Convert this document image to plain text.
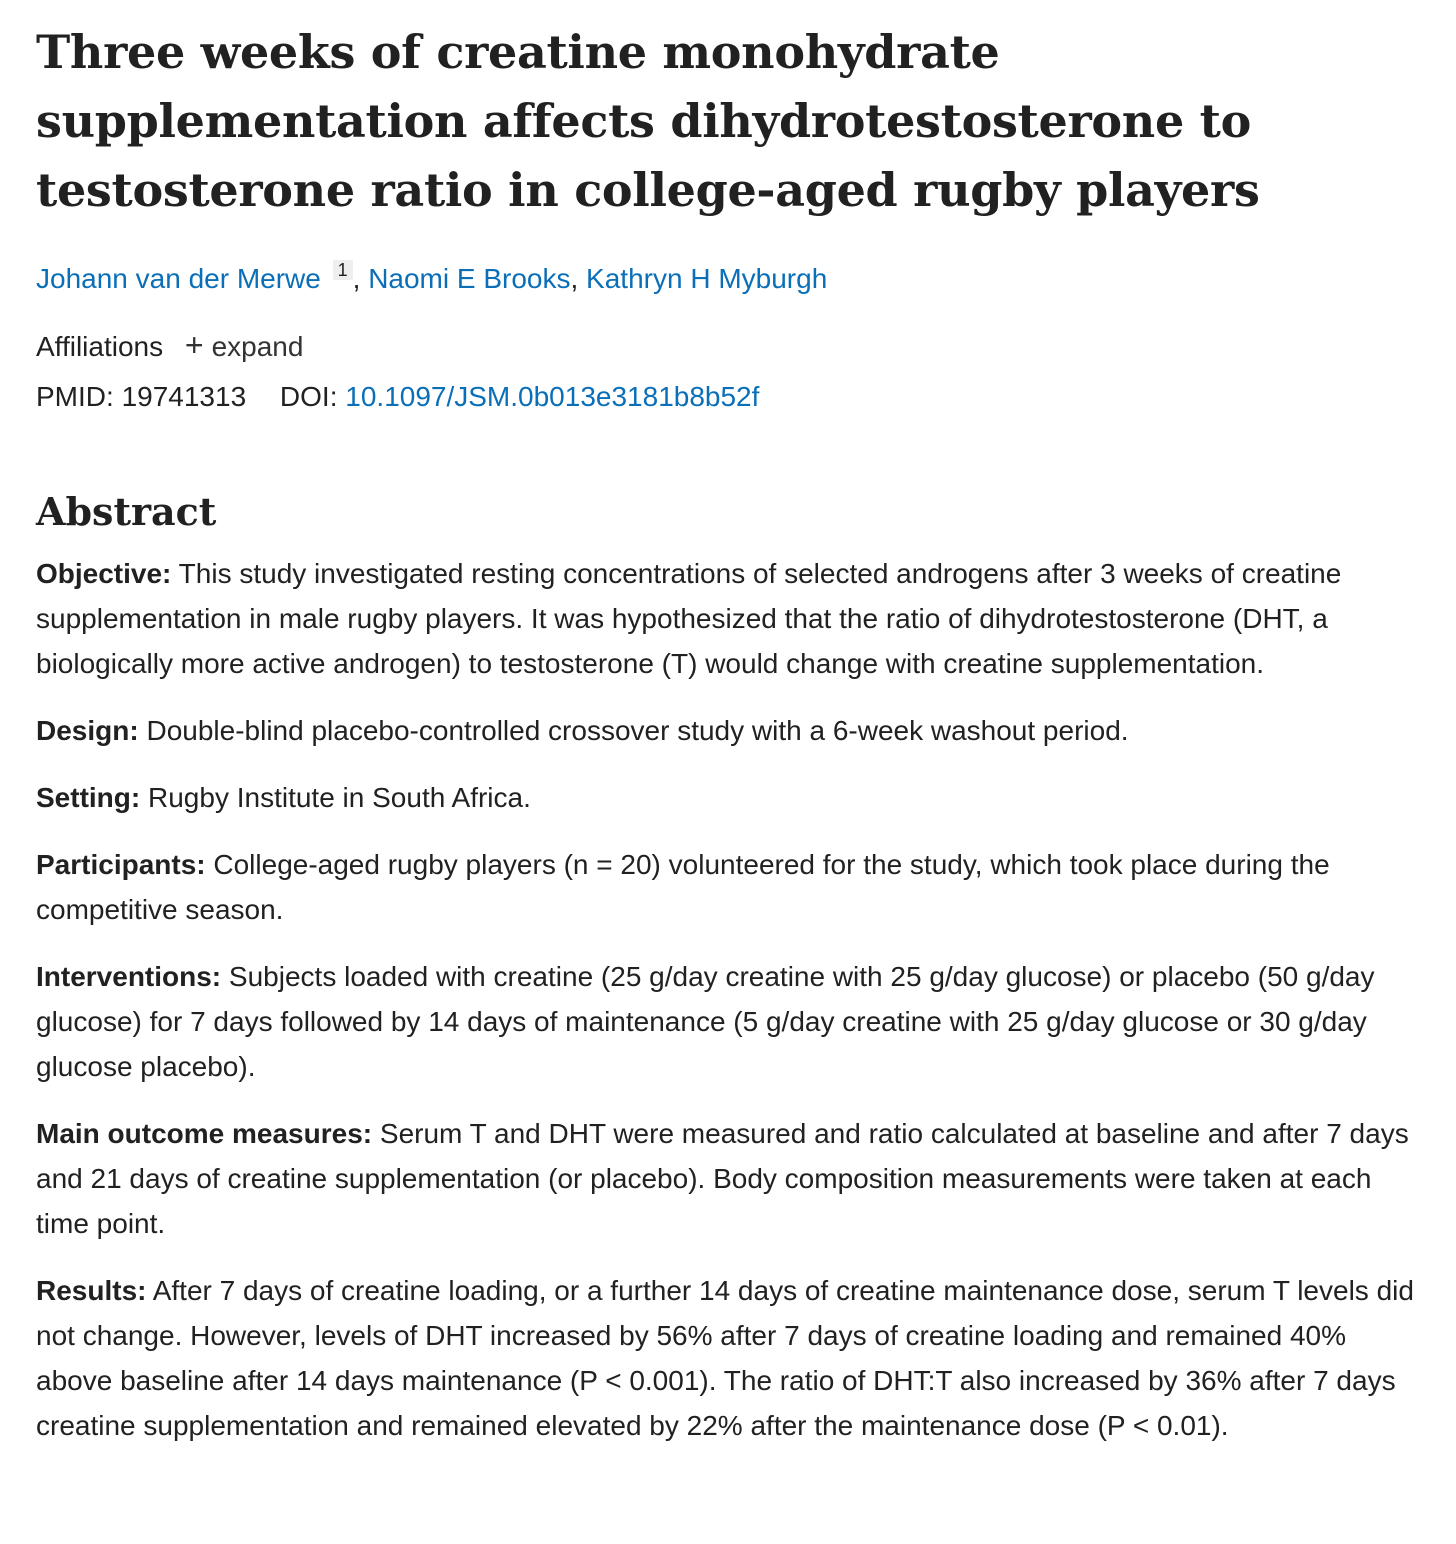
Three weeks of creatine monohydrate supplementation affects dihydrotestosterone to testosterone ratio in college-aged rugby players
Johann van der Merwe $^1$ , Naomi E Brooks, Kathryn H Myburgh
Affiliations + expand
PMID: 19741313 DOI: 10.1097/JSM.0b013e3181b8b52f
Abstract

Objective: This study investigated resting concentrations of selected androgens after 3 weeks of creatine supplementation in male rugby players. It was hypothesized that the ratio of dihydrotestosterone (DHT, a biologically more active androgen) to testosterone (T) would change with creatine supplementation.

Design: Double-blind placebo-controlled crossover study with a 6-week washout period.

Setting: Rugby Institute in South Africa.

Participants: College-aged rugby players (n = 20) volunteered for the study, which took place during the competitive season.

Interventions: Subjects loaded with creatine (25 g/day creatine with 25 g/day glucose) or placebo (50 g/day glucose) for 7 days followed by 14 days of maintenance (5 g/day creatine with 25 g/day glucose or 30 g/day glucose placebo).

Main outcome measures: Serum T and DHT were measured and ratio calculated at baseline and after 7 days and 21 days of creatine supplementation (or placebo). Body composition measurements were taken at each time point.

Results: After 7 days of creatine loading, or a further 14 days of creatine maintenance dose, serum T levels did not change. However, levels of DHT increased by 56% after 7 days of creatine loading and remained 40% above baseline after 14 days maintenance (P < 0.001). The ratio of DHT:T also increased by 36% after 7 days creatine supplementation and remained elevated by 22% after the maintenance dose (P < 0.01).
